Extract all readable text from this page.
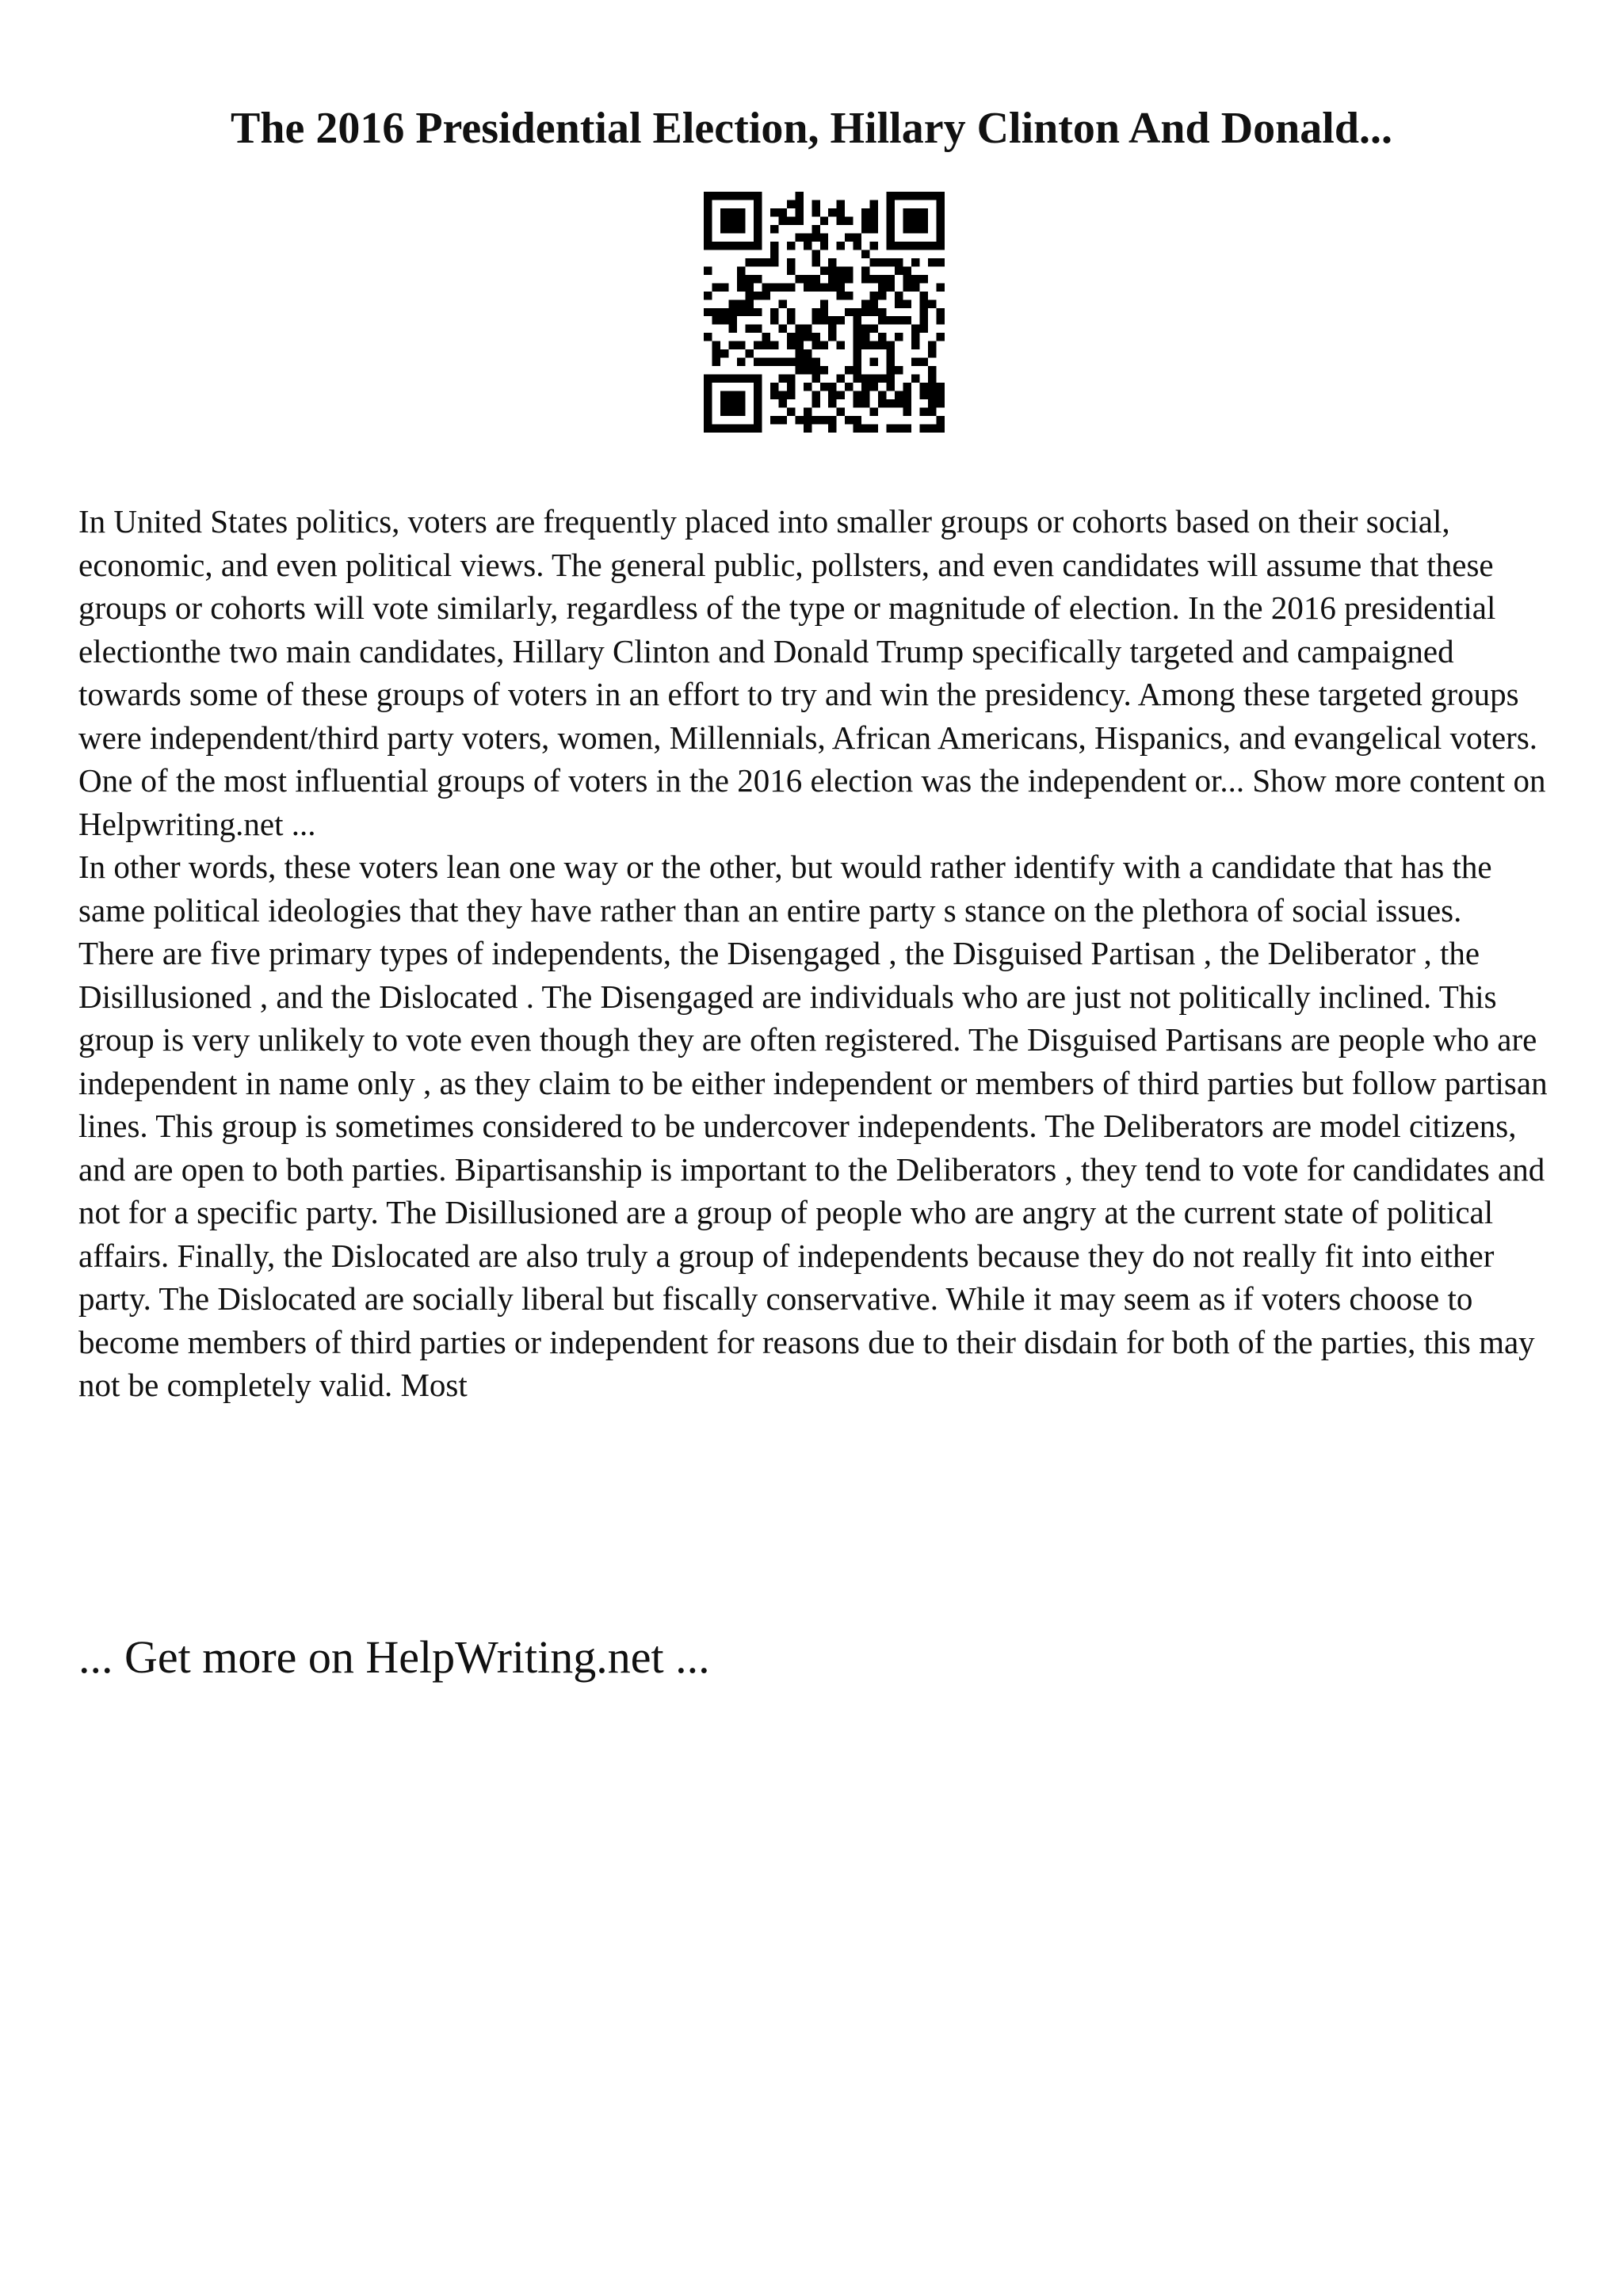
The 2016 Presidential Election, Hillary Clinton And Donald...

In United States politics, voters are frequently placed into smaller groups or cohorts based on their social, economic, and even political views. The general public, pollsters, and even candidates will assume that these groups or cohorts will vote similarly, regardless of the type or magnitude of election. In the 2016 presidential electionthe two main candidates, Hillary Clinton and Donald Trump specifically targeted and campaigned towards some of these groups of voters in an effort to try and win the presidency. Among these targeted groups were independent/third party voters, women, Millennials, African Americans, Hispanics, and evangelical voters. One of the most influential groups of voters in the 2016 election was the independent or... Show more content on Helpwriting.net ...

In other words, these voters lean one way or the other, but would rather identify with a candidate that has the same political ideologies that they have rather than an entire party s stance on the plethora of social issues.

There are five primary types of independents, the Disengaged , the Disguised Partisan , the Deliberator , the Disillusioned , and the Dislocated . The Disengaged are individuals who are just not politically inclined. This group is very unlikely to vote even though they are often registered. The Disguised Partisans are people who are independent in name only , as they claim to be either independent or members of third parties but follow partisan lines. This group is sometimes considered to be undercover independents. The Deliberators are model citizens, and are open to both parties. Bipartisanship is important to the Deliberators , they tend to vote for candidates and not for a specific party. The Disillusioned are a group of people who are angry at the current state of political affairs. Finally, the Dislocated are also truly a group of independents because they do not really fit into either party. The Dislocated are socially liberal but fiscally conservative. While it may seem as if voters choose to become members of third parties or independent for reasons due to their disdain for both of the parties, this may not be completely valid. Most

... Get more on HelpWriting.net ...
